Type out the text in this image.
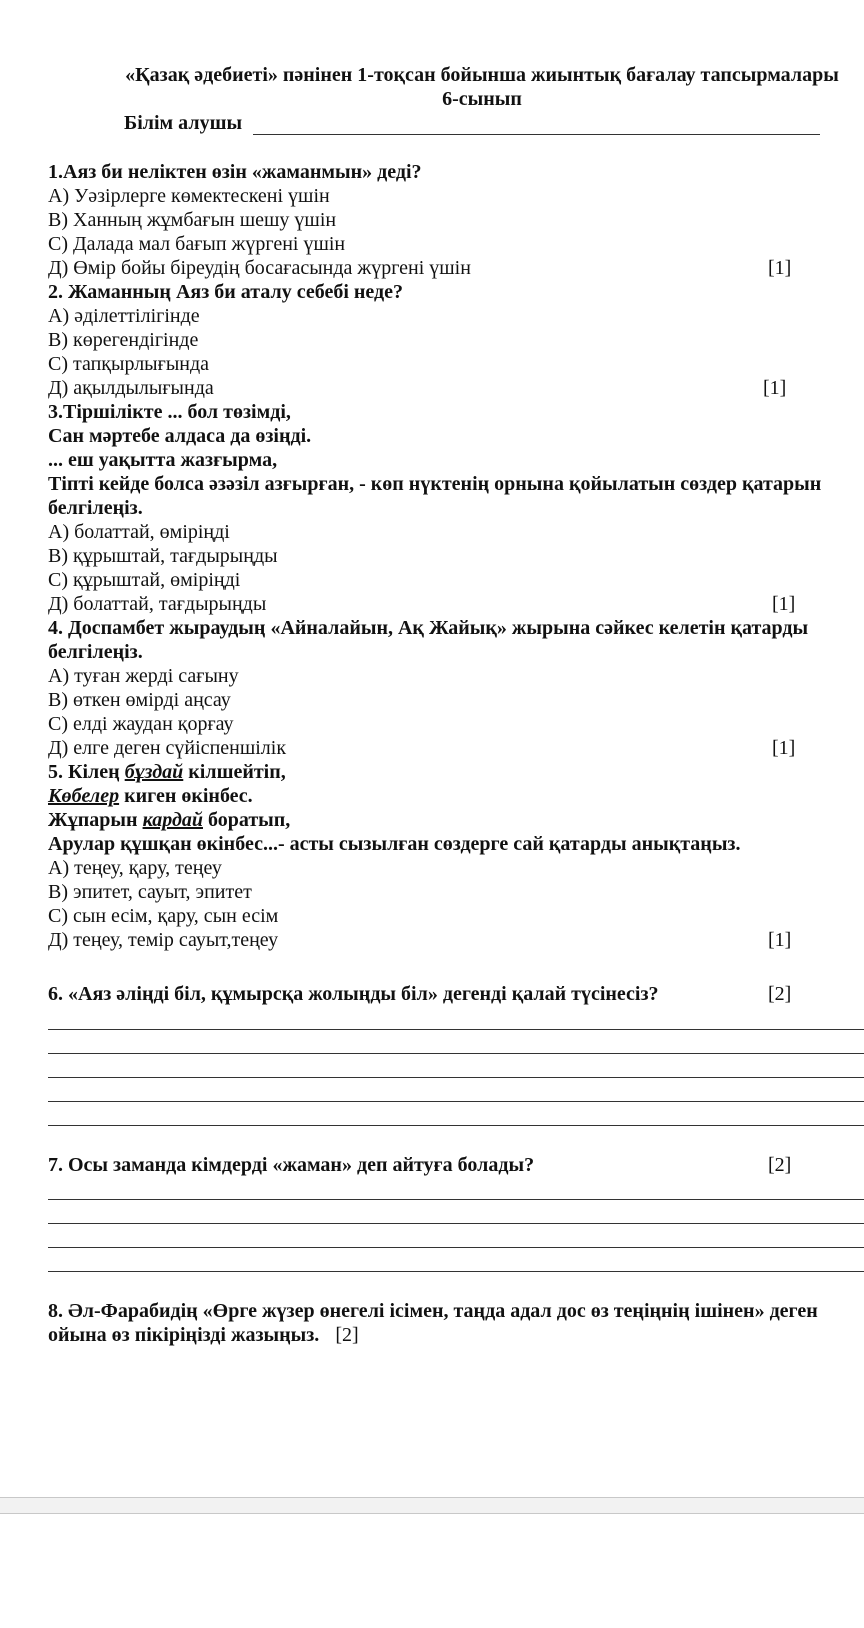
«Қазақ әдебиеті» пәнінен 1-тоқсан бойынша жиынтық бағалау тапсырмалары
6-сынып
Білім алушы
1.Аяз би неліктен өзін «жаманмын» деді?
А) Уәзірлерге көмектескені үшін
В) Ханның жұмбағын шешу үшін
С) Далада мал бағып жүргені үшін
Д) Өмір бойы біреудің босағасында жүргені үшін	[1]
2. Жаманның Аяз би аталу себебі неде?
А) әділеттілігінде
В) көрегендігінде
С) тапқырлығында
Д) ақылдылығында	[1]
3.Тіршілікте ... бол төзімді,
Сан мәртебе алдаса да өзіңді.
... еш уақытта жазғырма,
Тіпті кейде болса әзәзіл азғырған, - көп нүктенің орнына қойылатын сөздер қатарын
белгілеңіз.
А) болаттай, өміріңді
В) құрыштай, тағдырыңды
С) құрыштай, өміріңді
Д) болаттай, тағдырыңды	[1]
4. Доспамбет жыраудың «Айналайын, Ақ Жайық» жырына сәйкес келетін қатарды
белгілеңіз.
А) туған жерді сағыну
В) өткен өмірді аңсау
С) елді жаудан қорғау
Д) елге деген сүйіспеншілік	[1]
5. Кілең бұздай кілшейтіп,
Көбелер киген өкінбес.
Жұпарын кардай боратып,
Арулар құшқан өкінбес...- асты сызылған сөздерге сай қатарды анықтаңыз.
А) теңеу, қару, теңеу
В) эпитет, сауыт, эпитет
С) сын есім, қару, сын есім
Д) теңеу, темір сауыт,теңеу	[1]
6. «Аяз әліңді біл, құмырсқа жолыңды біл» дегенді қалай түсінесіз?	[2]
7. Осы заманда кімдерді «жаман» деп айтуға болады?	[2]
8. Әл-Фарабидің «Өрге жүзер өнегелі ісімен, таңда адал дос өз теңіңнің ішінен» деген
ойына өз пікіріңізді жазыңыз. [2]
